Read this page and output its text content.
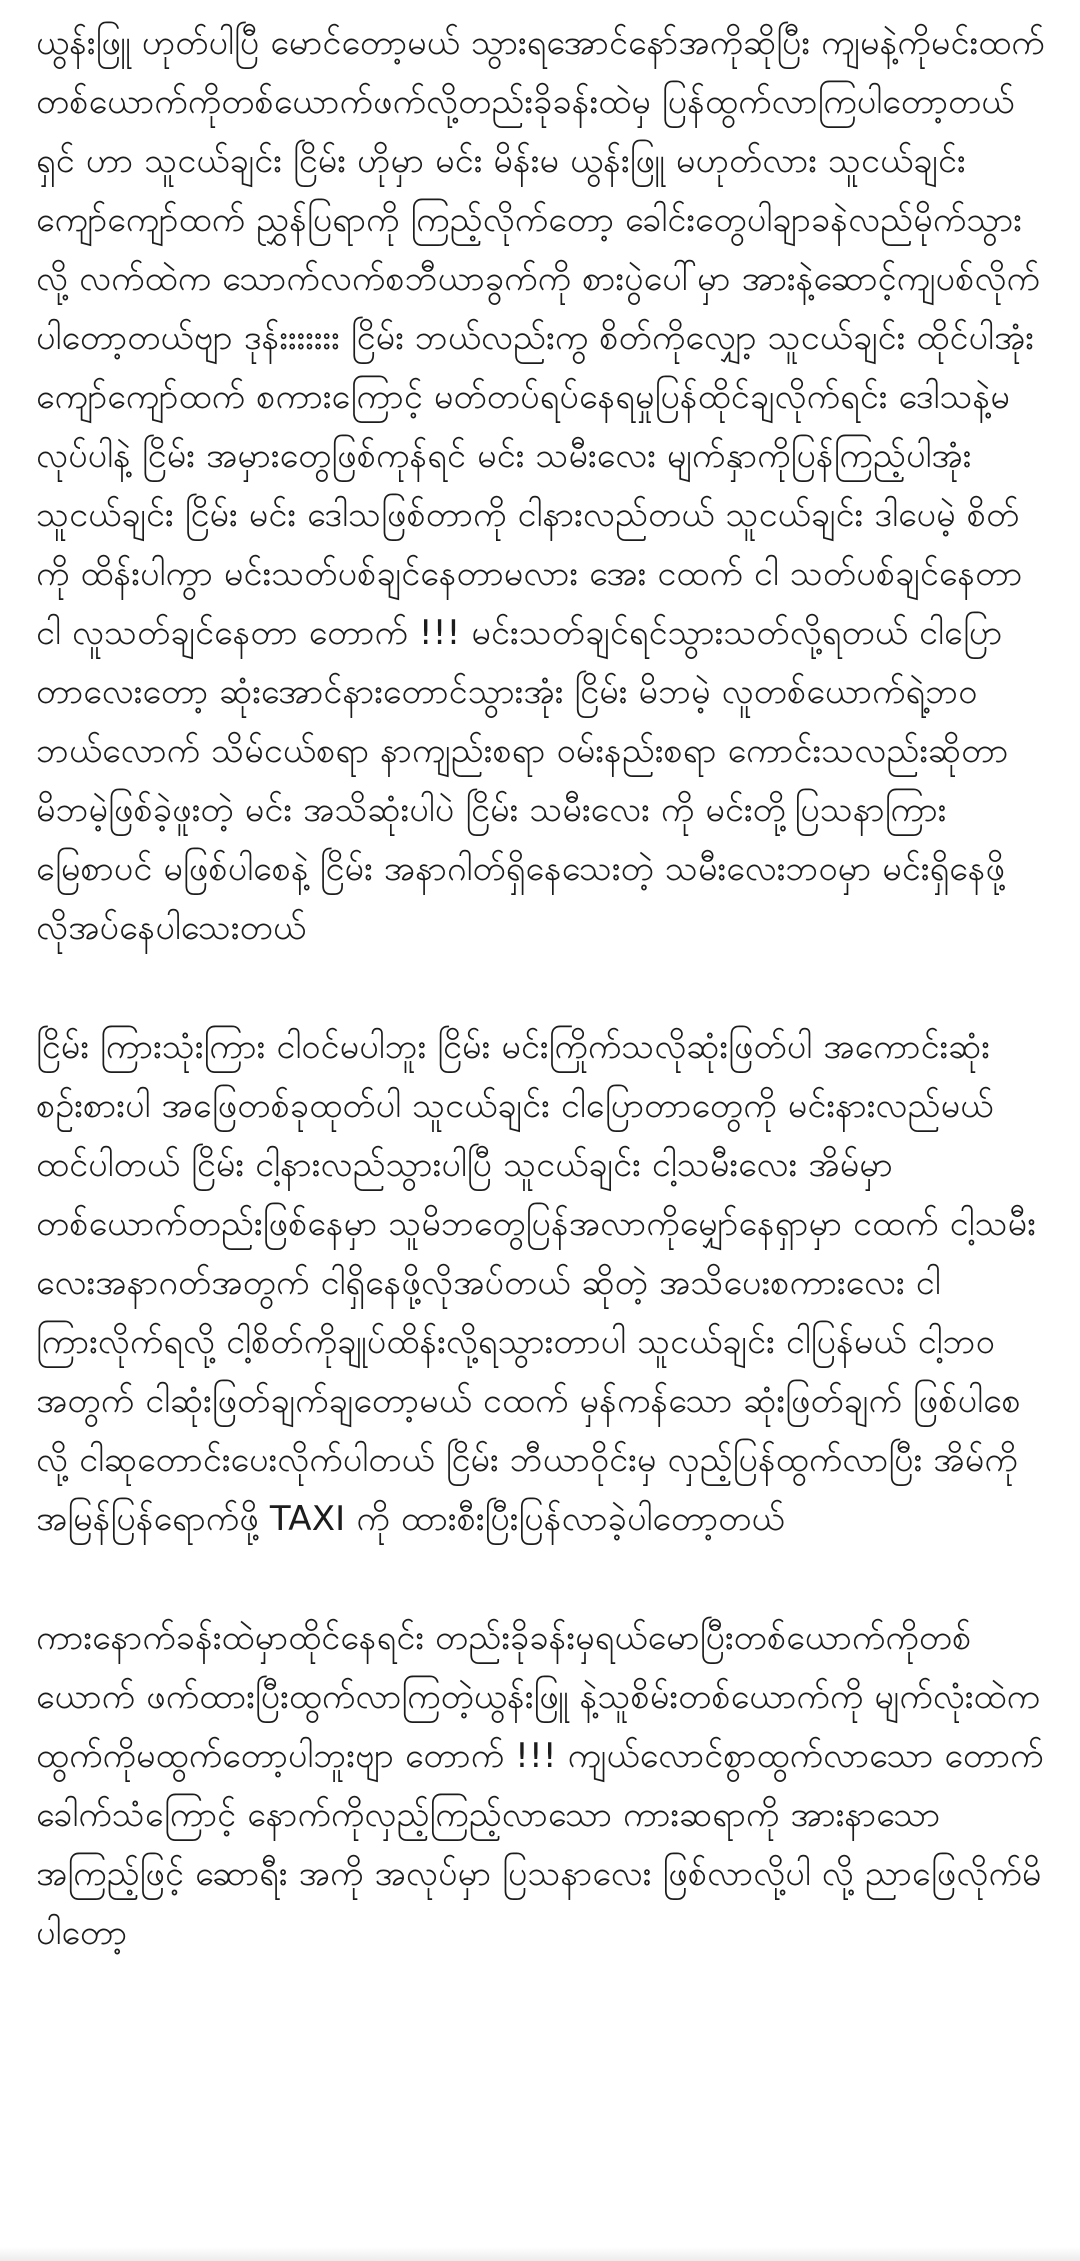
ယွန်းဖြူ ဟုတ်ပါပြီ မောင်တော့မယ် သွားရအောင်နော်အကိုဆိုပြီး ကျမနဲ့ကိုမင်းထက် တစ်ယောက်ကိုတစ်ယောက်ဖက်လို့တည်းခိုခန်းထဲမှ ပြန်ထွက်လာကြပါတော့တယ်ရှင် ဟာ သူငယ်ချင်း ငြိမ်း ဟိုမှာ မင်း မိန်းမ ယွန်းဖြူ မဟုတ်လား သူငယ်ချင်း ကျော်ကျော်ထက် ညွှန်ပြရာကို ကြည့်လိုက်တော့ ခေါင်းတွေပါချာခနဲလည်မိုက်သွားလို့ လက်ထဲက သောက်လက်စဘီယာခွက်ကို စားပွဲပေါ်မှာ အားနဲ့ဆောင့်ကျပစ်လိုက်ပါတော့တယ်ဗျာ ဒုန်းးးးးးး ငြိမ်း ဘယ်လည်းကွ စိတ်ကိုလျှော့ သူငယ်ချင်း ထိုင်ပါအုံး ကျော်ကျော်ထက် စကားကြောင့် မတ်တပ်ရပ်နေရမှုပြန်ထိုင်ချလိုက်ရင်း ဒေါသနဲ့မလုပ်ပါနဲ့ ငြိမ်း အမှားတွေဖြစ်ကုန်ရင် မင်း သမီးလေး မျက်နှာကိုပြန်ကြည့်ပါအုံး သူငယ်ချင်း ငြိမ်း မင်း ဒေါသဖြစ်တာကို ငါနားလည်တယ် သူငယ်ချင်း ဒါပေမဲ့ စိတ်ကို ထိန်းပါကွာ မင်းသတ်ပစ်ချင်နေတာမလား အေး ငထက် ငါ သတ်ပစ်ချင်နေတာ ငါ လူသတ်ချင်နေတာ တောက် !!! မင်းသတ်ချင်ရင်သွားသတ်လို့ရတယ် ငါပြောတာလေးတော့ ဆုံးအောင်နားတောင်သွားအုံး ငြိမ်း မိဘမဲ့ လူတစ်ယောက်ရဲ့ဘဝ ဘယ်လောက် သိမ်ငယ်စရာ နာကျည်းစရာ ဝမ်းနည်းစရာ ကောင်းသလည်းဆိုတာ မိဘမဲ့ဖြစ်ခဲ့ဖူးတဲ့ မင်း အသိဆုံးပါပဲ ငြိမ်း သမီးလေး ကို မင်းတို့ပြသနာကြား မြေစာပင် မဖြစ်ပါစေနဲ့ ငြိမ်း အနာဂါတ်ရှိနေသေးတဲ့ သမီးလေးဘဝမှာ မင်းရှိနေဖို့လိုအပ်နေပါသေးတယ်

ငြိမ်း ကြားသုံးကြား ငါဝင်မပါဘူး ငြိမ်း မင်းကြိုက်သလိုဆုံးဖြတ်ပါ အကောင်းဆုံးစဉ်းစားပါ အဖြေတစ်ခုထုတ်ပါ သူငယ်ချင်း ငါပြောတာတွေကို မင်းနားလည်မယ် ထင်ပါတယ် ငြိမ်း ငါ့နားလည်သွားပါပြီ သူငယ်ချင်း ငါ့သမီးလေး အိမ်မှာတစ်ယောက်တည်းဖြစ်နေမှာ သူမိဘတွေပြန်အလာကိုမျှော်နေရှာမှာ ငထက် ငါ့သမီးလေးအနာဂတ်အတွက် ငါရှိနေဖို့လိုအပ်တယ် ဆိုတဲ့ အသိပေးစကားလေး ငါကြားလိုက်ရလို့ ငါ့စိတ်ကိုချုပ်ထိန်းလို့ရသွားတာပါ သူငယ်ချင်း ငါပြန်မယ် ငါ့ဘဝ အတွက် ငါဆုံးဖြတ်ချက်ချတော့မယ် ငထက် မှန်ကန်သော ဆုံးဖြတ်ချက် ဖြစ်ပါစေလို့ ငါဆုတောင်းပေးလိုက်ပါတယ် ငြိမ်း ဘီယာဝိုင်းမှ လှည့်ပြန်ထွက်လာပြီး အိမ်ကိုအမြန်ပြန်ရောက်ဖို့ TAXI ကို ထားစီးပြီးပြန်လာခဲ့ပါတော့တယ်

ကားနောက်ခန်းထဲမှာထိုင်နေရင်း တည်းခိုခန်းမှရယ်မောပြီးတစ်ယောက်ကိုတစ်ယောက် ဖက်ထားပြီးထွက်လာကြတဲ့ယွန်းဖြူ နဲ့သူစိမ်းတစ်ယောက်ကို မျက်လုံးထဲကထွက်ကိုမထွက်တော့ပါဘူးဗျာ တောက် !!! ကျယ်လောင်စွာထွက်လာသော တောက်ခေါက်သံကြောင့် နောက်ကိုလှည့်ကြည့်လာသော ကားဆရာကို အားနာသော အကြည့်ဖြင့် ဆောရီး အကို အလုပ်မှာ ပြသနာလေး ဖြစ်လာလို့ပါ လို့ ညာဖြေလိုက်မိပါတော့
